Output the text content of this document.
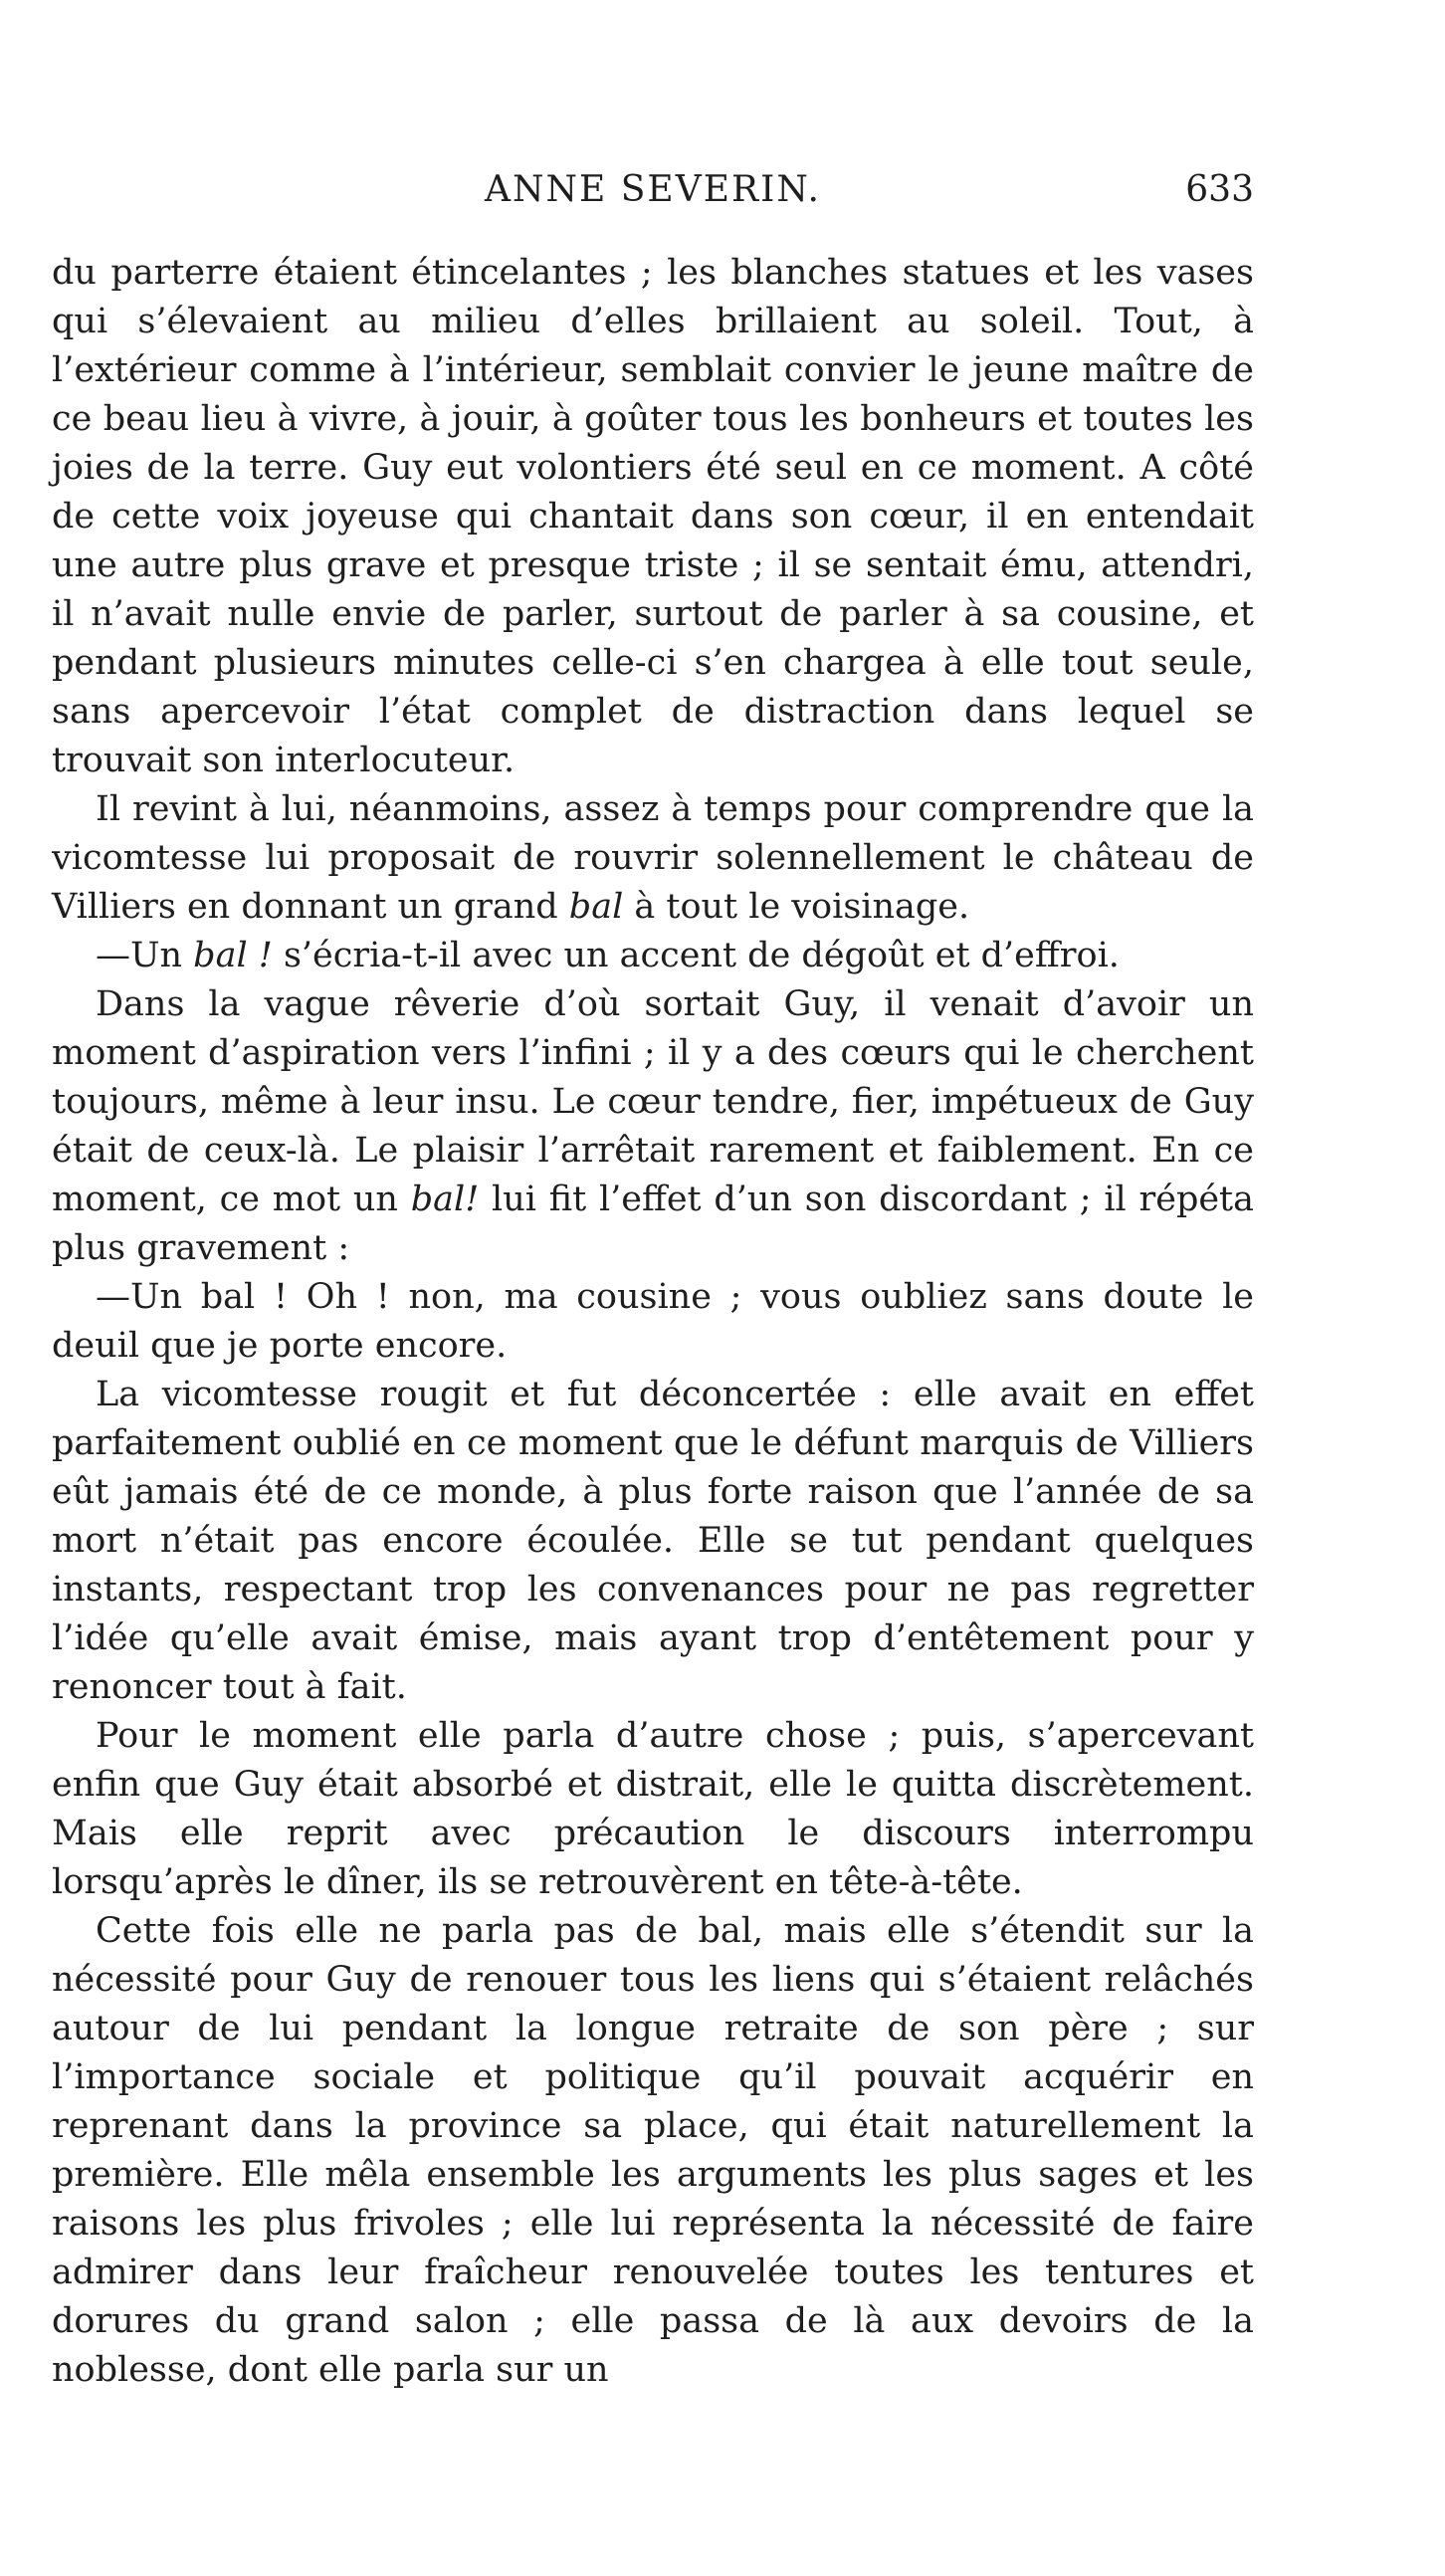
ANNE SEVERIN.	633

du parterre étaient étincelantes ; les blanches statues et les vases qui s’élevaient au milieu d’elles brillaient au soleil. Tout, à l’extérieur comme à l’intérieur, semblait convier le jeune maître de ce beau lieu à vivre, à jouir, à goûter tous les bonheurs et toutes les joies de la terre. Guy eut volontiers été seul en ce moment. A côté de cette voix joyeuse qui chantait dans son cœur, il en entendait une autre plus grave et presque triste ; il se sentait ému, attendri, il n’avait nulle envie de parler, surtout de parler à sa cousine, et pendant plusieurs minutes celle-ci s’en chargea à elle tout seule, sans apercevoir l’état complet de distraction dans lequel se trouvait son interlocuteur.

Il revint à lui, néanmoins, assez à temps pour comprendre que la vicomtesse lui proposait de rouvrir solennellement le château de Villiers en donnant un grand bal à tout le voisinage.

—Un bal ! s’écria-t-il avec un accent de dégoût et d’effroi.

Dans la vague rêverie d’où sortait Guy, il venait d’avoir un moment d’aspiration vers l’infini ; il y a des cœurs qui le cherchent toujours, même à leur insu. Le cœur tendre, fier, impétueux de Guy était de ceux-là. Le plaisir l’arrêtait rarement et faiblement. En ce moment, ce mot un bal! lui fit l’effet d’un son discordant ; il répéta plus gravement :

—Un bal ! Oh ! non, ma cousine ; vous oubliez sans doute le deuil que je porte encore.

La vicomtesse rougit et fut déconcertée : elle avait en effet parfaitement oublié en ce moment que le défunt marquis de Villiers eût jamais été de ce monde, à plus forte raison que l’année de sa mort n’était pas encore écoulée. Elle se tut pendant quelques instants, respectant trop les convenances pour ne pas regretter l’idée qu’elle avait émise, mais ayant trop d’entêtement pour y renoncer tout à fait.

Pour le moment elle parla d’autre chose ; puis, s’apercevant enfin que Guy était absorbé et distrait, elle le quitta discrètement. Mais elle reprit avec précaution le discours interrompu lorsqu’après le dîner, ils se retrouvèrent en tête-à-tête.

Cette fois elle ne parla pas de bal, mais elle s’étendit sur la nécessité pour Guy de renouer tous les liens qui s’étaient relâchés autour de lui pendant la longue retraite de son père ; sur l’importance sociale et politique qu’il pouvait acquérir en reprenant dans la province sa place, qui était naturellement la première. Elle mêla ensemble les arguments les plus sages et les raisons les plus frivoles ; elle lui représenta la nécessité de faire admirer dans leur fraîcheur renouvelée toutes les tentures et dorures du grand salon ; elle passa de là aux devoirs de la noblesse, dont elle parla sur un
